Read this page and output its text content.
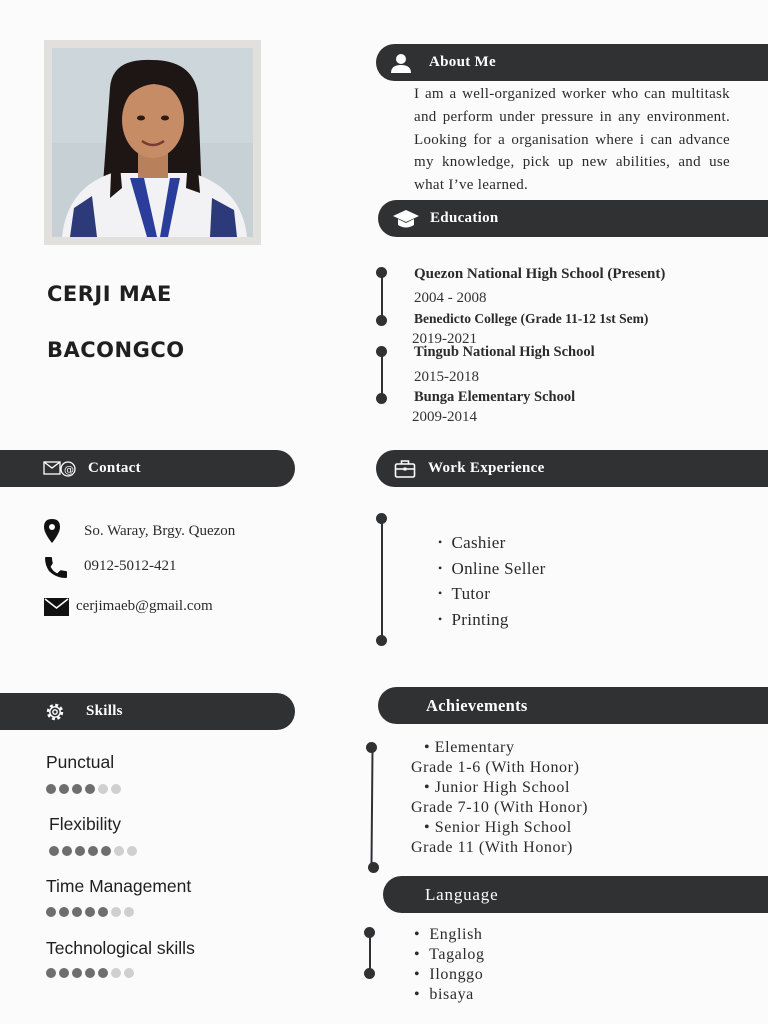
CERJI MAE
BACONGCO
About Me
I am a well-organized worker who can multitask and perform under pressure in any environment. Looking for a organisation where i can advance my knowledge, pick up new abilities, and use what I’ve learned.
Education
Quezon National High School (Present)
2004 - 2008
Benedicto College (Grade 11-12 1st Sem)
2019-2021
Tingub National High School
2015-2018
Bunga Elementary School
2009-2014
@ Contact	Work Experience
So. Waray, Brgy. Quezon
0912-5012-421
cerjimaeb@gmail.com
• Cashier
• Online Seller
• Tutor
• Printing
Skills
Punctual
Flexibility
Time Management
Technological skills
Achievements
• Elementary
Grade 1-6 (With Honor)
• Junior High School
Grade 7-10 (With Honor)
• Senior High School
Grade 11 (With Honor)
Language
•  English
•  Tagalog
•  Ilonggo
•  bisaya
